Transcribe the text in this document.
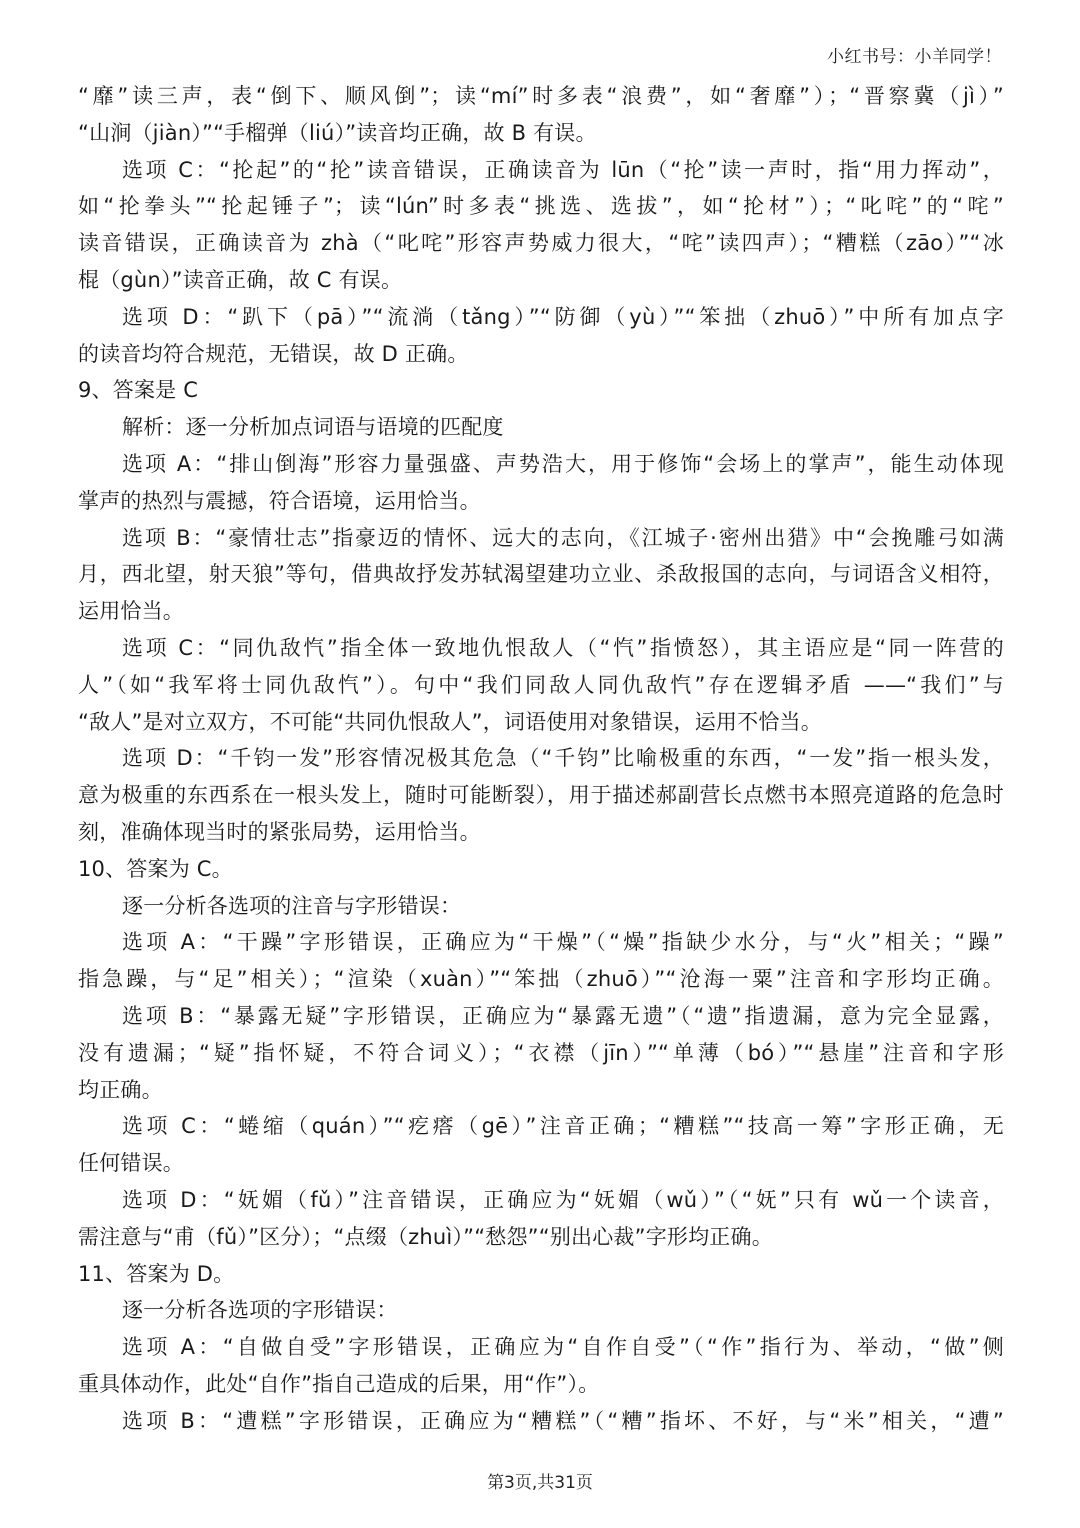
小红书号：小羊同学！
“靡”读三声，表“倒下、顺风倒”；读“mí”时多表“浪费”，如“奢靡”）；“晋察冀（jì）”
“山涧（jiàn）”“手榴弹（liú）”读音均正确，故 B 有误。
选项 C：“抡起”的“抡”读音错误，正确读音为 lūn（“抡”读一声时，指“用力挥动”，
如“抡拳头”“抡起锤子”；读“lún”时多表“挑选、选拔”，如“抡材”）；“叱咤”的“咤”
读音错误，正确读音为 zhà（“叱咤”形容声势威力很大，“咤”读四声）；“糟糕（zāo）”“冰
棍（gùn）”读音正确，故 C 有误。
选项 D：“趴下（pā）”“流淌（tǎng）”“防御（yù）”“笨拙（zhuō）”中所有加点字
的读音均符合规范，无错误，故 D 正确。
9、答案是 C
解析：逐一分析加点词语与语境的匹配度
选项 A：“排山倒海”形容力量强盛、声势浩大，用于修饰“会场上的掌声”，能生动体现
掌声的热烈与震撼，符合语境，运用恰当。
选项 B：“豪情壮志”指豪迈的情怀、远大的志向，《江城子·密州出猎》中“会挽雕弓如满
月，西北望，射天狼”等句，借典故抒发苏轼渴望建功立业、杀敌报国的志向，与词语含义相符，
运用恰当。
选项 C：“同仇敌忾”指全体一致地仇恨敌人（“忾”指愤怒），其主语应是“同一阵营的
人”（如“我军将士同仇敌忾”）。句中“我们同敌人同仇敌忾”存在逻辑矛盾 ——“我们”与
“敌人”是对立双方，不可能“共同仇恨敌人”，词语使用对象错误，运用不恰当。
选项 D：“千钧一发”形容情况极其危急（“千钧”比喻极重的东西，“一发”指一根头发，
意为极重的东西系在一根头发上，随时可能断裂），用于描述郝副营长点燃书本照亮道路的危急时
刻，准确体现当时的紧张局势，运用恰当。
10、答案为 C。
逐一分析各选项的注音与字形错误：
选项 A：“干躁”字形错误，正确应为“干燥”（“燥”指缺少水分，与“火”相关；“躁”
指急躁，与“足”相关）；“渲染（xuàn）”“笨拙（zhuō）”“沧海一粟”注音和字形均正确。
选项 B：“暴露无疑”字形错误，正确应为“暴露无遗”（“遗”指遗漏，意为完全显露，
没有遗漏；“疑”指怀疑，不符合词义）；“衣襟（jīn）”“单薄（bó）”“悬崖”注音和字形
均正确。
选项 C：“蜷缩（quán）”“疙瘩（gē）”注音正确；“糟糕”“技高一筹”字形正确，无
任何错误。
选项 D：“妩媚（fǔ）”注音错误，正确应为“妩媚（wǔ）”（“妩”只有 wǔ一个读音，
需注意与“甫（fǔ）”区分）；“点缀（zhuì）”“愁怨”“别出心裁”字形均正确。
11、答案为 D。
逐一分析各选项的字形错误：
选项 A：“自做自受”字形错误，正确应为“自作自受”（“作”指行为、举动，“做”侧
重具体动作，此处“自作”指自己造成的后果，用“作”）。
选项 B：“遭糕”字形错误，正确应为“糟糕”（“糟”指坏、不好，与“米”相关，“遭”
第3页,共31页
